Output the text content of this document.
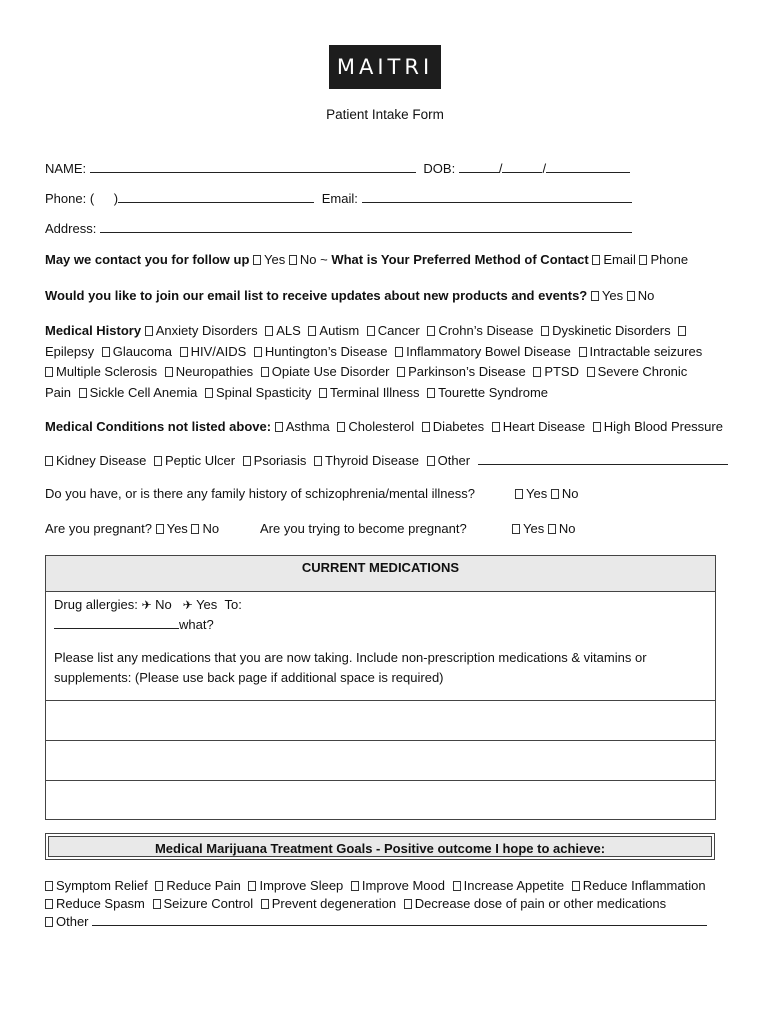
MAITRI
Patient Intake Form
NAME:	DOB:	/	/
Phone: ( )	Email:
Address:
May we contact you for follow up Yes No ~ What is Your Preferred Method of Contact Email Phone
Would you like to join our email list to receive updates about new products and events? Yes No
Medical History Anxiety Disorders ALS Autism Cancer Crohn’s Disease Dyskinetic Disorders Epilepsy Glaucoma HIV/AIDS Huntington’s Disease Inflammatory Bowel Disease Intractable seizures Multiple Sclerosis Neuropathies Opiate Use Disorder Parkinson’s Disease PTSD Severe Chronic Pain Sickle Cell Anemia Spinal Spasticity Terminal Illness Tourette Syndrome
Medical Conditions not listed above: Asthma Cholesterol Diabetes Heart Disease High Blood Pressure
Kidney Disease Peptic Ulcer Psoriasis Thyroid Disease Other
Do you have, or is there any family history of schizophrenia/mental illness?	Yes No
Are you pregnant? Yes No	Are you trying to become pregnant?	Yes No
CURRENT MEDICATIONS

Drug allergies: ✈ No ✈ Yes To:
what?
Please list any medications that you are now taking. Include non-prescription medications & vitamins or supplements: (Please use back page if additional space is required)

Medical Marijuana Treatment Goals - Positive outcome I hope to achieve:
Symptom Relief Reduce Pain Improve Sleep Improve Mood Increase Appetite Reduce Inflammation
Reduce Spasm Seizure Control Prevent degeneration Decrease dose of pain or other medications
Other
